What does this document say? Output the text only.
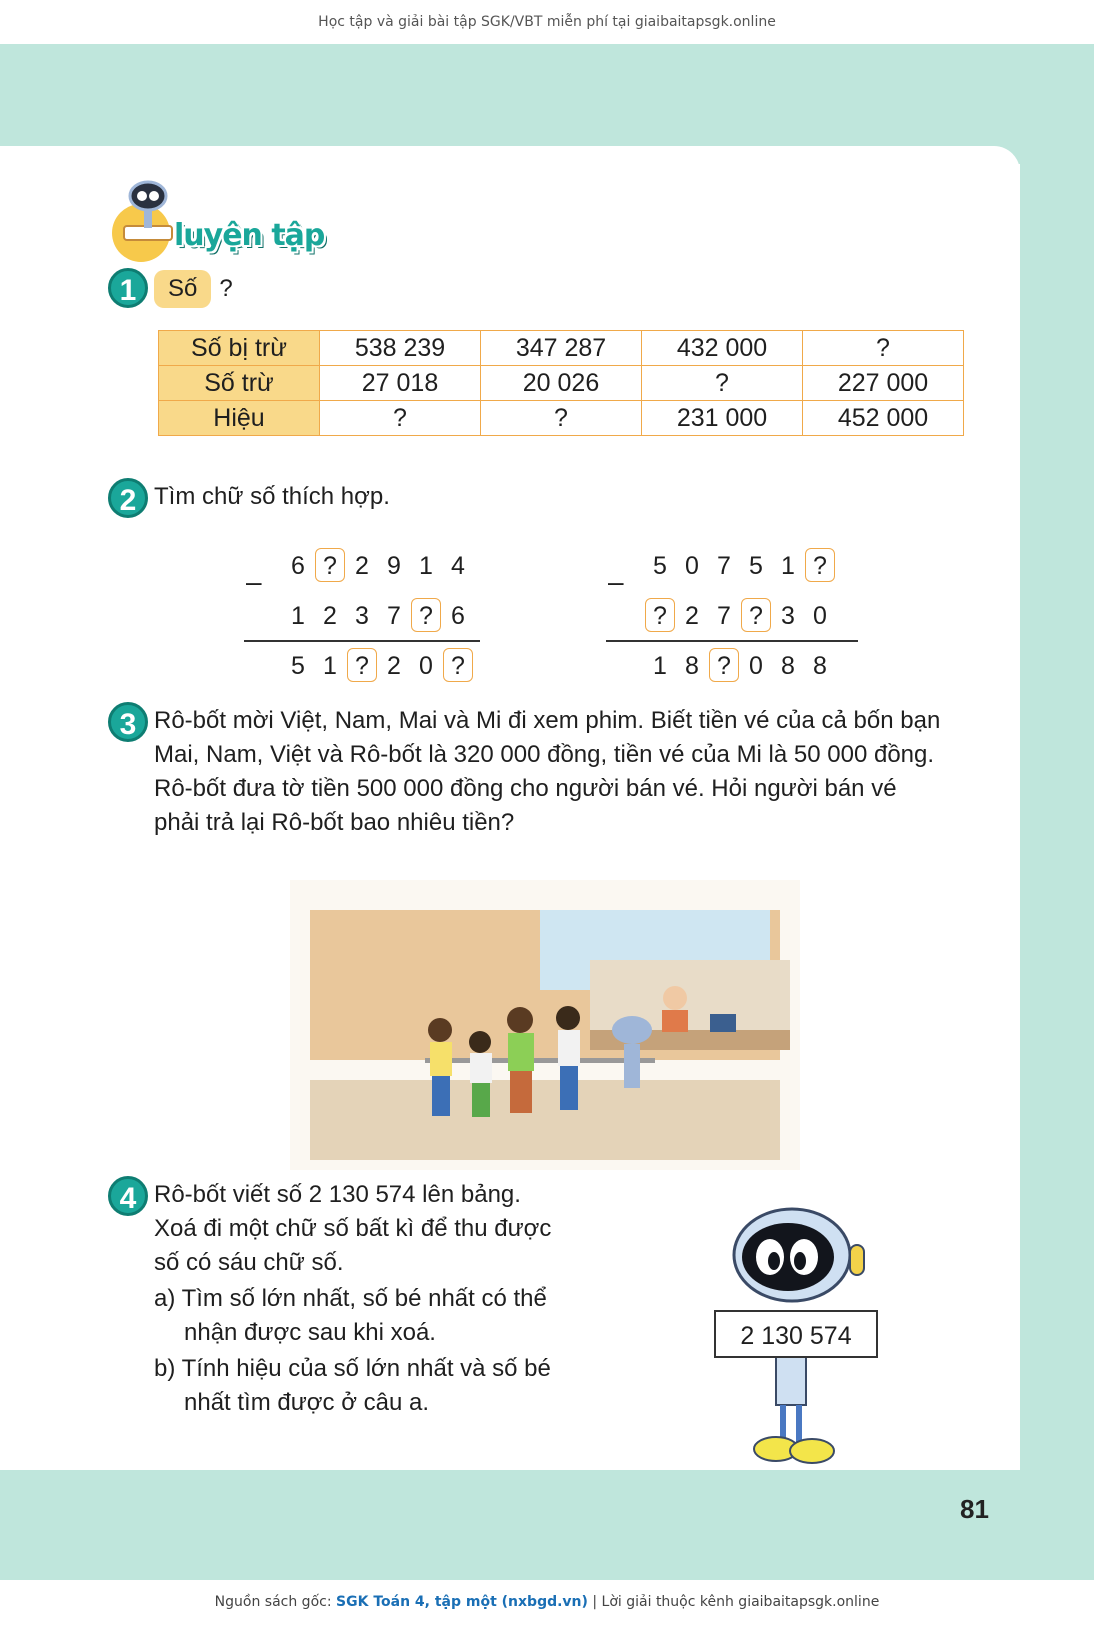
Học tập và giải bài tập SGK/VBT miễn phí tại giaibaitapsgk.online
luyện tập
1	Số ?
Số bị trừ	538 239	347 287	432 000	?
Số trừ	27 018	20 026	?	227 000
Hiệu	?	?	231 000	452 000
2 Tìm chữ số thích hợp.
–	6 ? 2 9 1 4
1 2 3 7 ? 6
5 1 ? 2 0 ?
–	5 0 7 5 1 ?
? 2 7 ? 3 0
1 8 ? 0 8 8
3 Rô-bốt mời Việt, Nam, Mai và Mi đi xem phim. Biết tiền vé của cả bốn bạn
Mai, Nam, Việt và Rô-bốt là 320 000 đồng, tiền vé của Mi là 50 000 đồng.
Rô-bốt đưa tờ tiền 500 000 đồng cho người bán vé. Hỏi người bán vé
phải trả lại Rô-bốt bao nhiêu tiền?
4 Rô-bốt viết số 2 130 574 lên bảng.
Xoá đi một chữ số bất kì để thu được
số có sáu chữ số.
a) Tìm số lớn nhất, số bé nhất có thể
nhận được sau khi xoá.
b) Tính hiệu của số lớn nhất và số bé
nhất tìm được ở câu a.
2 130 574
81
Nguồn sách gốc: SGK Toán 4, tập một (nxbgd.vn) | Lời giải thuộc kênh giaibaitapsgk.online
